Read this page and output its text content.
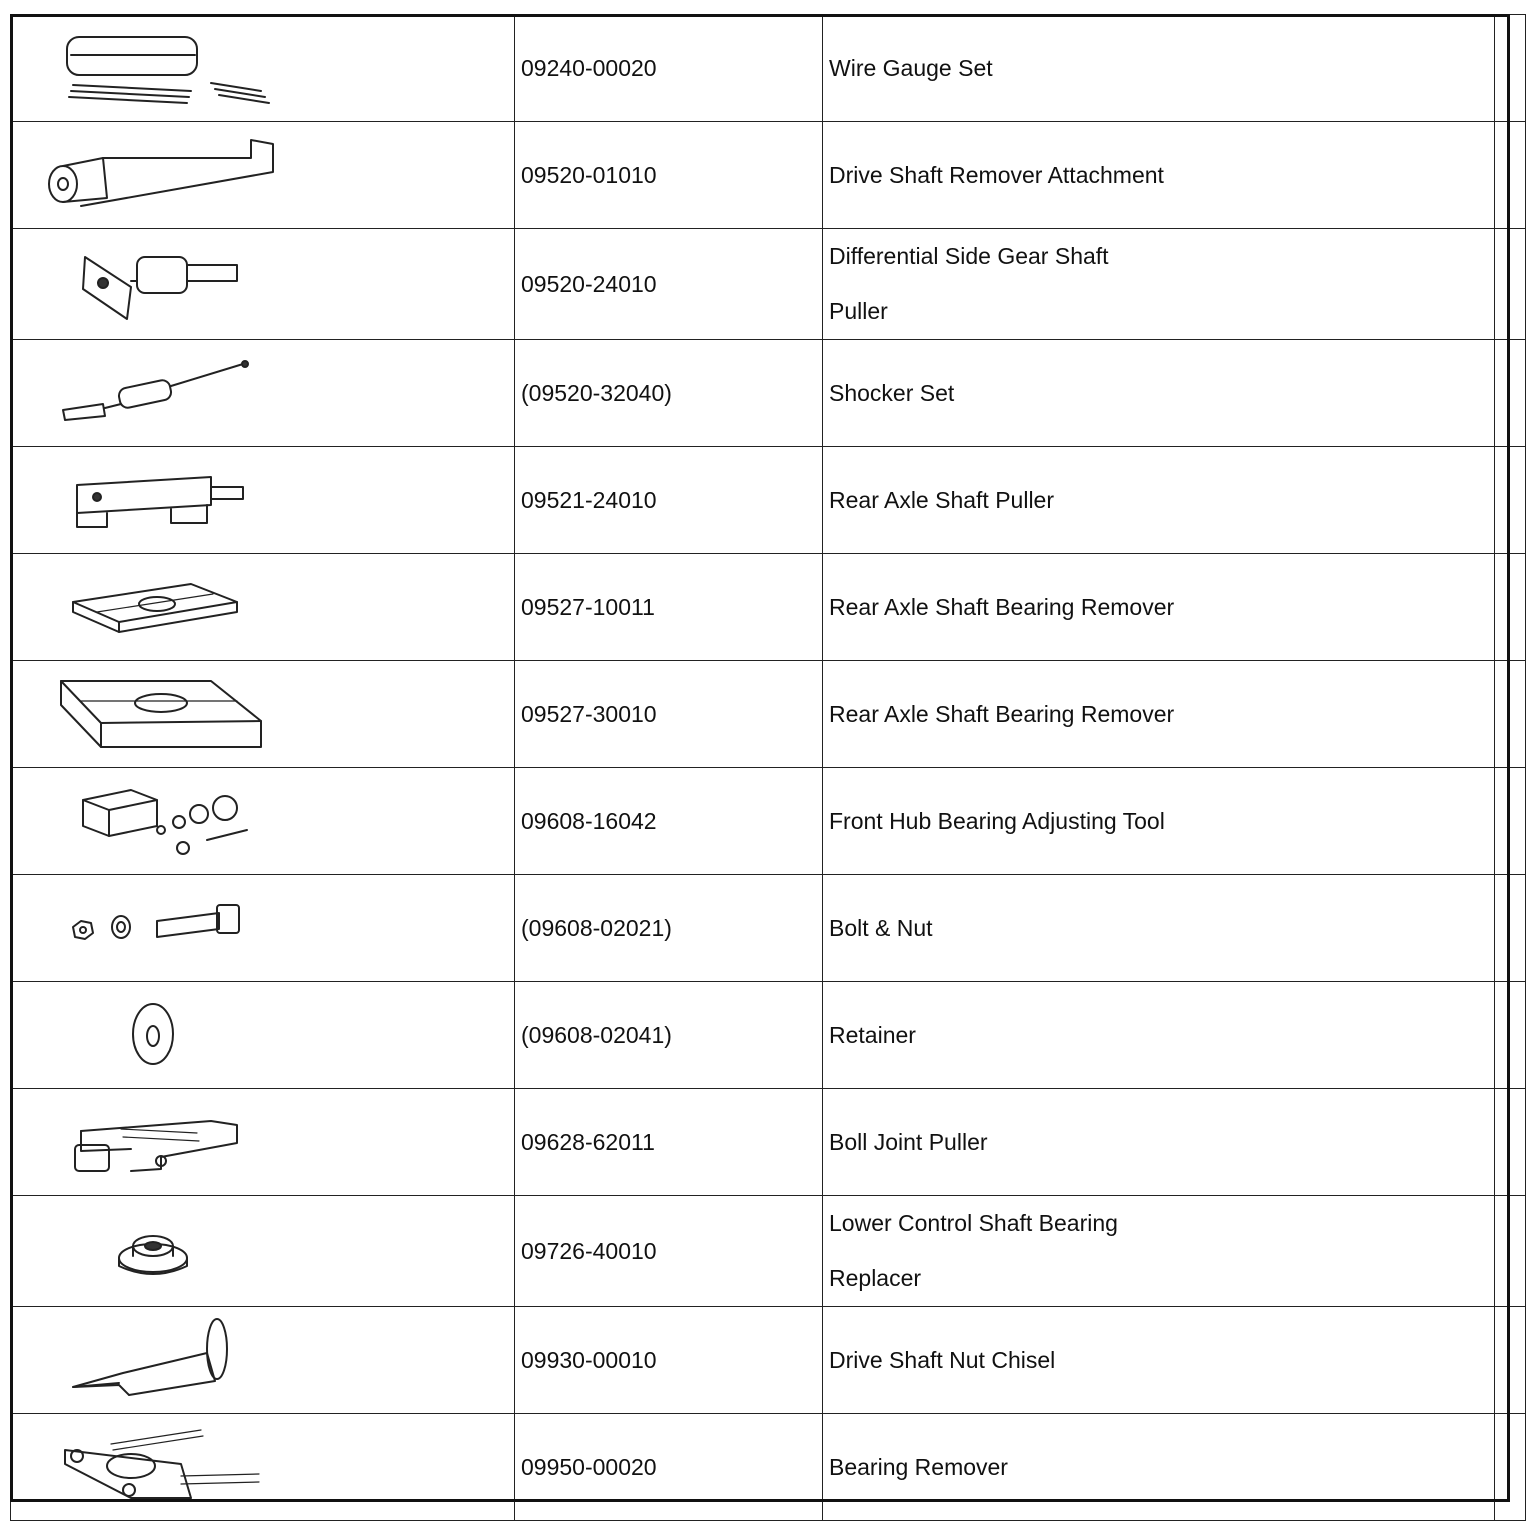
	09240-00020	Wire Gauge Set	

	09520-01010	Drive Shaft Remover Attachment	

	09520-24010	Differential Side Gear Shaft
Puller	

	(09520-32040)	Shocker Set	

	09521-24010	Rear Axle Shaft Puller	

	09527-10011	Rear Axle Shaft Bearing Remover	

	09527-30010	Rear Axle Shaft Bearing Remover	

	09608-16042	Front Hub Bearing Adjusting Tool	

	(09608-02021)	Bolt & Nut	

	(09608-02041)	Retainer	

	09628-62011	Boll Joint Puller	

	09726-40010	Lower Control Shaft Bearing
Replacer	

	09930-00010	Drive Shaft Nut Chisel	

	09950-00020	Bearing Remover	
